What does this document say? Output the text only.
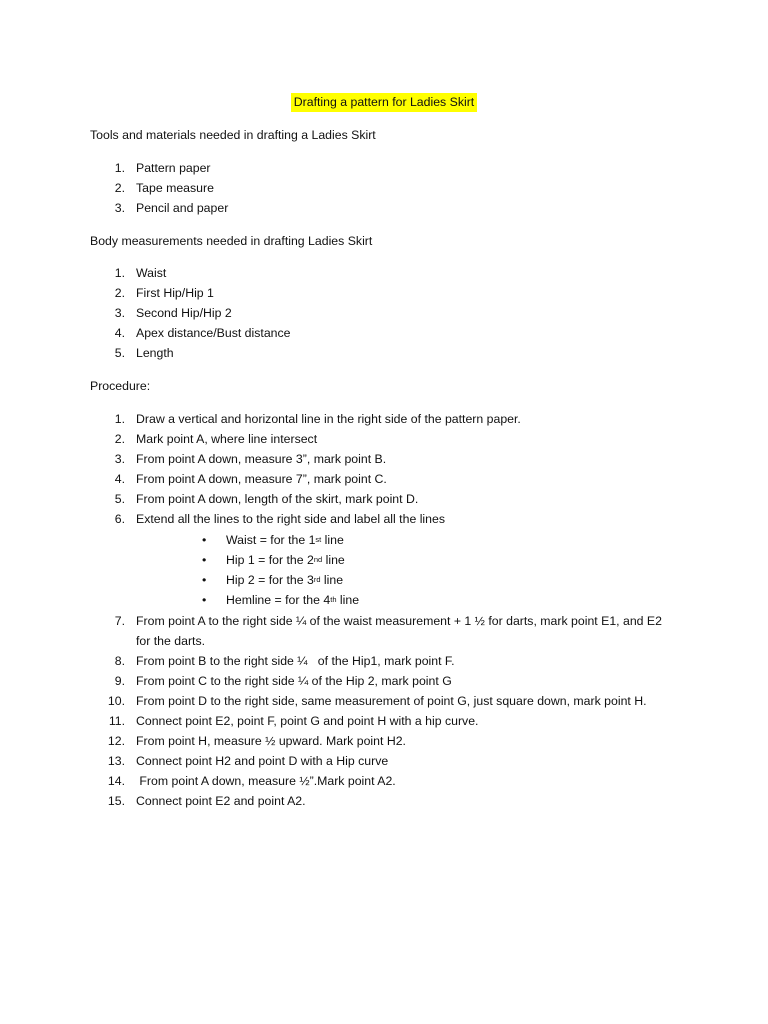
Drafting a pattern for Ladies Skirt
Tools and materials needed in drafting a Ladies Skirt
1. Pattern paper
2. Tape measure
3. Pencil and paper
Body measurements needed in drafting Ladies Skirt
1. Waist
2. First Hip/Hip 1
3. Second Hip/Hip 2
4. Apex distance/Bust distance
5. Length
Procedure:
1. Draw a vertical and horizontal line in the right side of the pattern paper.
2. Mark point A, where line intersect
3. From point A down, measure 3”, mark point B.
4. From point A down, measure 7”, mark point C.
5. From point A down, length of the skirt, mark point D.
6. Extend all the lines to the right side and label all the lines
• Waist = for the 1st line
• Hip 1 = for the 2nd line
• Hip 2 = for the 3rd line
• Hemline = for the 4th line
7. From point A to the right side ¼ of the waist measurement + 1 ½ for darts, mark point E1, and E2
for the darts.
8. From point B to the right side ¼   of the Hip1, mark point F.
9. From point C to the right side ¼ of the Hip 2, mark point G
10. From point D to the right side, same measurement of point G, just square down, mark point H.
11. Connect point E2, point F, point G and point H with a hip curve.
12. From point H, measure ½ upward. Mark point H2.
13. Connect point H2 and point D with a Hip curve
14. From point A down, measure ½”.Mark point A2.
15. Connect point E2 and point A2.
